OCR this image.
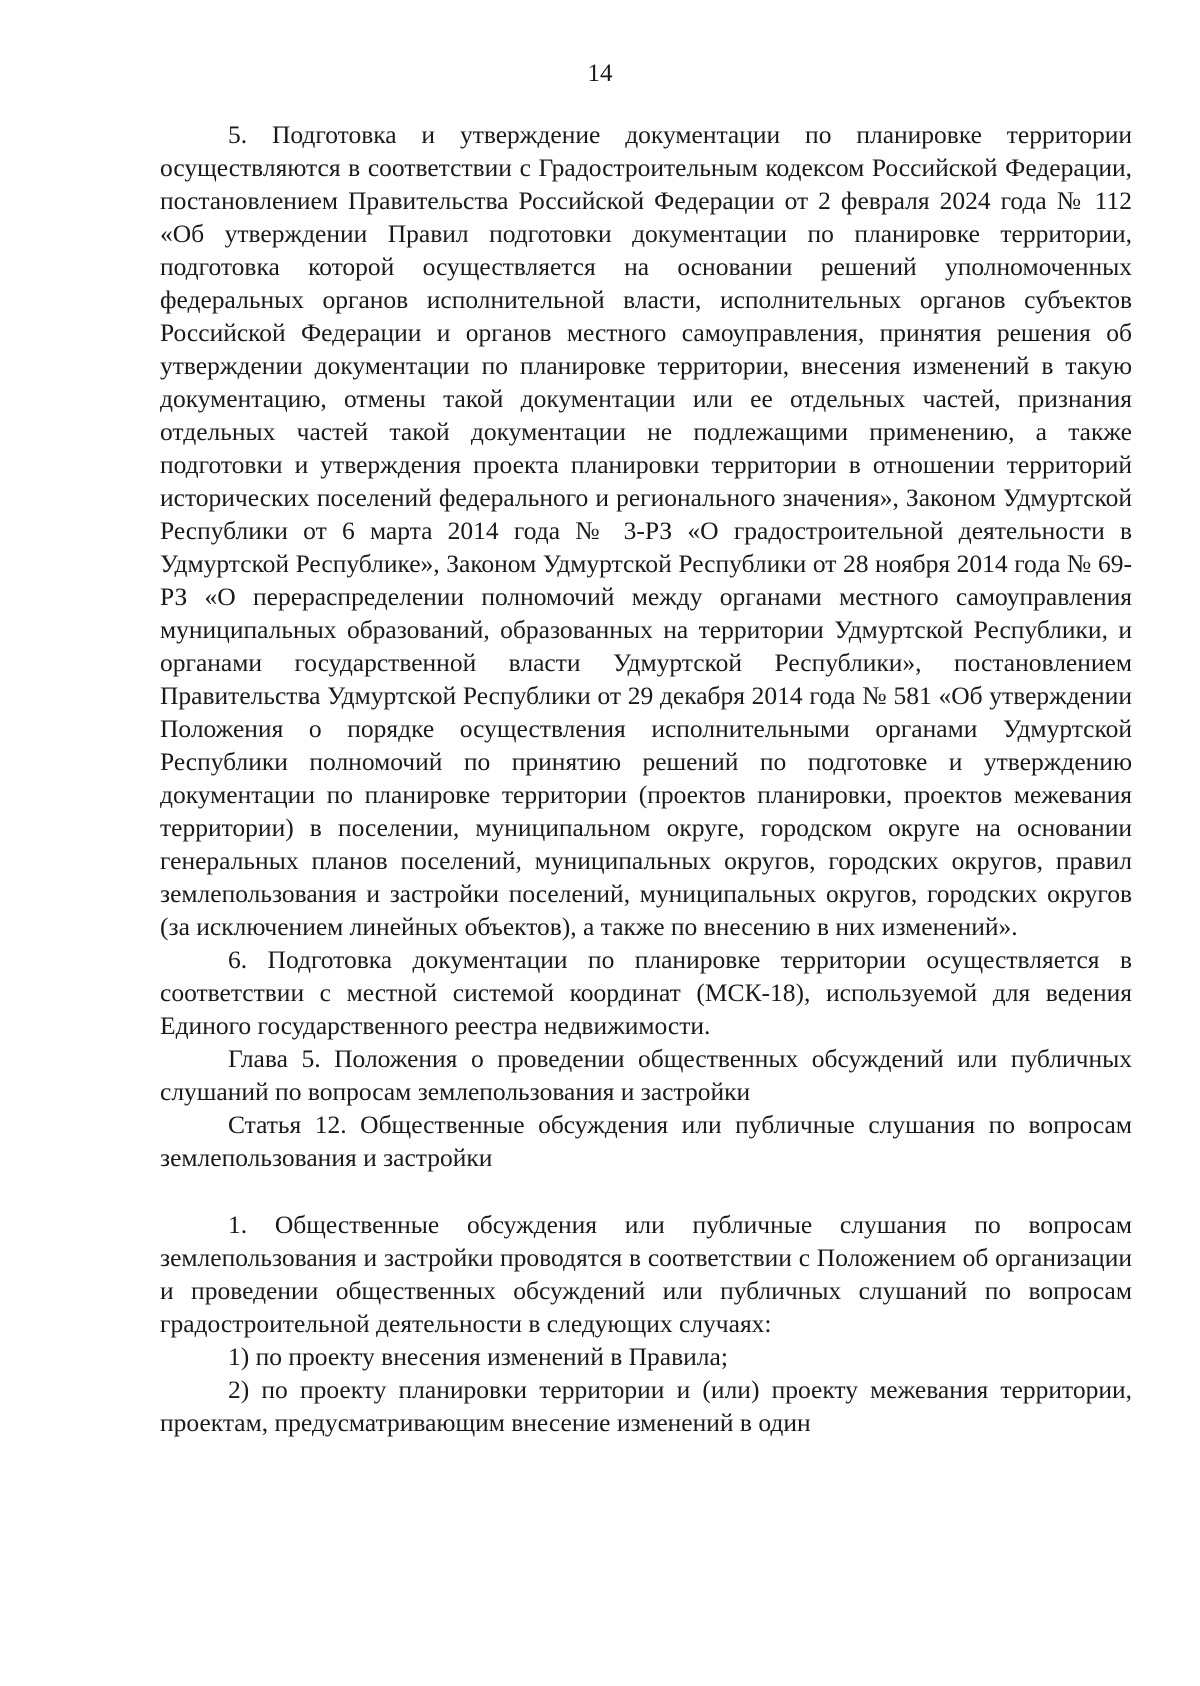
14

5. Подготовка и утверждение документации по планировке территории осуществляются в соответствии с Градостроительным кодексом Российской Федерации, постановлением Правительства Российской Федерации от 2 февраля 2024 года № 112 «Об утверждении Правил подготовки документации по планировке территории, подготовка которой осуществляется на основании решений уполномоченных федеральных органов исполнительной власти, исполнительных органов субъектов Российской Федерации и органов местного самоуправления, принятия решения об утверждении документации по планировке территории, внесения изменений в такую документацию, отмены такой документации или ее отдельных частей, признания отдельных частей такой документации не подлежащими применению, а также подготовки и утверждения проекта планировки территории в отношении территорий исторических поселений федерального и регионального значения», Законом Удмуртской Республики от 6 марта 2014 года № 3-РЗ «О градостроительной деятельности в Удмуртской Республике», Законом Удмуртской Республики от 28 ноября 2014 года № 69-РЗ «О перераспределении полномочий между органами местного самоуправления муниципальных образований, образованных на территории Удмуртской Республики, и органами государственной власти Удмуртской Республики», постановлением Правительства Удмуртской Республики от 29 декабря 2014 года № 581 «Об утверждении Положения о порядке осуществления исполнительными органами Удмуртской Республики полномочий по принятию решений по подготовке и утверждению документации по планировке территории (проектов планировки, проектов межевания территории) в поселении, муниципальном округе, городском округе на основании генеральных планов поселений, муниципальных округов, городских округов, правил землепользования и застройки поселений, муниципальных округов, городских округов (за исключением линейных объектов), а также по внесению в них изменений».

6. Подготовка документации по планировке территории осуществляется в соответствии с местной системой координат (МСК-18), используемой для ведения Единого государственного реестра недвижимости.

Глава 5. Положения о проведении общественных обсуждений или публичных слушаний по вопросам землепользования и застройки

Статья 12. Общественные обсуждения или публичные слушания по вопросам землепользования и застройки

1. Общественные обсуждения или публичные слушания по вопросам землепользования и застройки проводятся в соответствии с Положением об организации и проведении общественных обсуждений или публичных слушаний по вопросам градостроительной деятельности в следующих случаях:

1) по проекту внесения изменений в Правила;

2) по проекту планировки территории и (или) проекту межевания территории, проектам, предусматривающим внесение изменений в один
